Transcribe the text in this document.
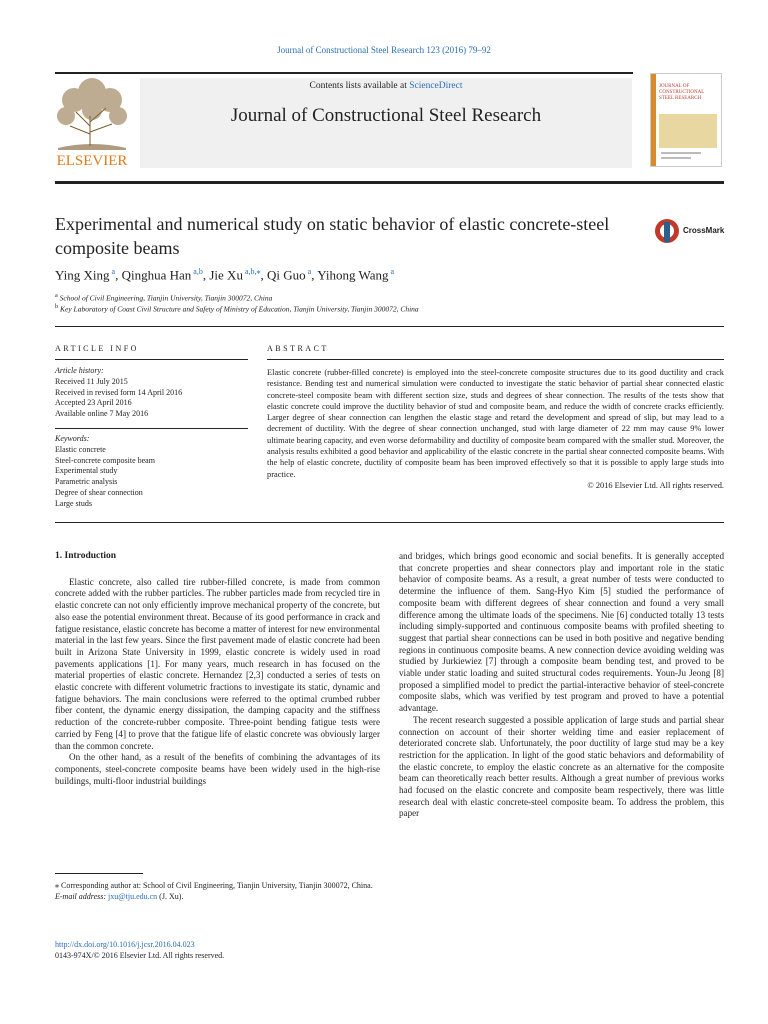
Journal of Constructional Steel Research 123 (2016) 79–92
ELSEVIER
Contents lists available at ScienceDirect
Journal of Constructional Steel Research
JOURNAL OF CONSTRUCTIONAL STEEL RESEARCH
Experimental and numerical study on static behavior of elastic concrete-steel composite beams
CrossMark
Ying Xing $^a$, Qinghua Han $^{a,b}$, Jie Xu $^{a,b,⁎}$, Qi Guo $^a$, Yihong Wang $^a$
$^a$ School of Civil Engineering, Tianjin University, Tianjin 300072, China
$^b$ Key Laboratory of Coast Civil Structure and Safety of Ministry of Education, Tianjin University, Tianjin 300072, China
ARTICLE INFO
Article history:
Received 11 July 2015
Received in revised form 14 April 2016
Accepted 23 April 2016
Available online 7 May 2016
Keywords:
Elastic concrete
Steel-concrete composite beam
Experimental study
Parametric analysis
Degree of shear connection
Large studs
ABSTRACT
Elastic concrete (rubber-filled concrete) is employed into the steel-concrete composite structures due to its good ductility and crack resistance. Bending test and numerical simulation were conducted to investigate the static behavior of partial shear connected elastic concrete-steel composite beam with different section size, studs and degrees of shear connection. The results of the tests show that elastic concrete could improve the ductility behavior of stud and composite beam, and reduce the width of concrete cracks efficiently. Larger degree of shear connection can lengthen the elastic stage and retard the development and spread of slip, but may lead to a decrement of ductility. With the degree of shear connection unchanged, stud with large diameter of 22 mm may cause 9% lower ultimate bearing capacity, and even worse deformability and ductility of composite beam compared with the smaller stud. Moreover, the analysis results exhibited a good behavior and applicability of the elastic concrete in the partial shear connected composite beams. With the help of elastic concrete, ductility of composite beam has been improved effectively so that it is possible to apply large studs into practice.
© 2016 Elsevier Ltd. All rights reserved.
1. Introduction

Elastic concrete, also called tire rubber-filled concrete, is made from common concrete added with the rubber particles. The rubber particles made from recycled tire in elastic concrete can not only efficiently improve mechanical property of the concrete, but also ease the potential environment threat. Because of its good performance in crack and fatigue resistance, elastic concrete has become a matter of interest for new environmental material in the last few years. Since the first pavement made of elastic concrete had been built in Arizona State University in 1999, elastic concrete is widely used in road pavements applications [1]. For many years, much research in has focused on the material properties of elastic concrete. Hernandez [2,3] conducted a series of tests on elastic concrete with different volumetric fractions to investigate its static, dynamic and fatigue behaviors. The main conclusions were referred to the optimal crumbed rubber fiber content, the dynamic energy dissipation, the damping capacity and the stiffness reduction of the concrete-rubber composite. Three-point bending fatigue tests were carried by Feng [4] to prove that the fatigue life of elastic concrete was obviously larger than the common concrete.

On the other hand, as a result of the benefits of combining the advantages of its components, steel-concrete composite beams have been widely used in the high-rise buildings, multi-floor industrial buildings

and bridges, which brings good economic and social benefits. It is generally accepted that concrete properties and shear connectors play and important role in the static behavior of composite beams. As a result, a great number of tests were conducted to determine the influence of them. Sang-Hyo Kim [5] studied the performance of composite beam with different degrees of shear connection and found a very small difference among the ultimate loads of the specimens. Nie [6] conducted totally 13 tests including simply-supported and continuous composite beams with profiled sheeting to suggest that partial shear connections can be used in both positive and negative bending regions in continuous composite beams. A new connection device avoiding welding was studied by Jurkiewiez [7] through a composite beam bending test, and proved to be viable under static loading and suited structural codes requirements. Youn-Ju Jeong [8] proposed a simplified model to predict the partial-interactive behavior of steel-concrete composite slabs, which was verified by test program and proved to have a potential advantage.

The recent research suggested a possible application of large studs and partial shear connection on account of their shorter welding time and easier replacement of deteriorated concrete slab. Unfortunately, the poor ductility of large stud may be a key restriction for the application. In light of the good static behaviors and deformability of the elastic concrete, to employ the elastic concrete as an alternative for the composite beam can theoretically reach better results. Although a great number of previous works had focused on the elastic concrete and composite beam respectively, there was little research deal with elastic concrete-steel composite beam. To address the problem, this paper

⁎ Corresponding author at: School of Civil Engineering, Tianjin University, Tianjin 300072, China.
E-mail address: jxu@tju.edu.cn (J. Xu).
http://dx.doi.org/10.1016/j.jcsr.2016.04.023
0143-974X/© 2016 Elsevier Ltd. All rights reserved.
